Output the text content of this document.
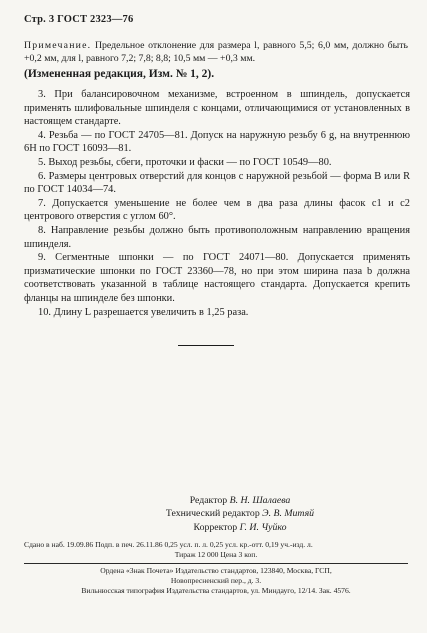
Стр. 3 ГОСТ 2323—76
Примечание. Предельное отклонение для размера l, равного 5,5; 6,0 мм, должно быть +0,2 мм, для l, равного 7,2; 7,8; 8,8; 10,5 мм — +0,3 мм.
(Измененная редакция, Изм. № 1, 2).

3. При балансировочном механизме, встроенном в шпиндель, допускается применять шлифовальные шпинделя с концами, отличающимися от установленных в настоящем стандарте.

4. Резьба — по ГОСТ 24705—81. Допуск на наружную резьбу 6 g, на внутреннюю 6H по ГОСТ 16093—81.

5. Выход резьбы, сбеги, проточки и фаски — по ГОСТ 10549—80.

6. Размеры центровых отверстий для концов с наружной резьбой — форма В или R по ГОСТ 14034—74.

7. Допускается уменьшение не более чем в два раза длины фасок c1 и c2 центрового отверстия с углом 60°.

8. Направление резьбы должно быть противоположным направлению вращения шпинделя.

9. Сегментные шпонки — по ГОСТ 24071—80. Допускается применять призматические шпонки по ГОСТ 23360—78, но при этом ширина паза b должна соответствовать указанной в таблице настоящего стандарта. Допускается крепить фланцы на шпинделе без шпонки.

10. Длину L разрешается увеличить в 1,25 раза.

Редактор В. Н. Шалаева
Технический редактор Э. В. Митяй
Корректор Г. И. Чуйко
Сдано в наб. 19.09.86 Подп. в печ. 26.11.86 0,25 усл. п. л. 0,25 усл. кр.-отт. 0,19 уч.-изд. л.
Тираж 12 000 Цена 3 коп.
Ордена «Знак Почета» Издательство стандартов, 123840, Москва, ГСП,
Новопресненский пер., д. 3.
Вильнюсская типография Издательства стандартов, ул. Миндауго, 12/14. Зак. 4576.
